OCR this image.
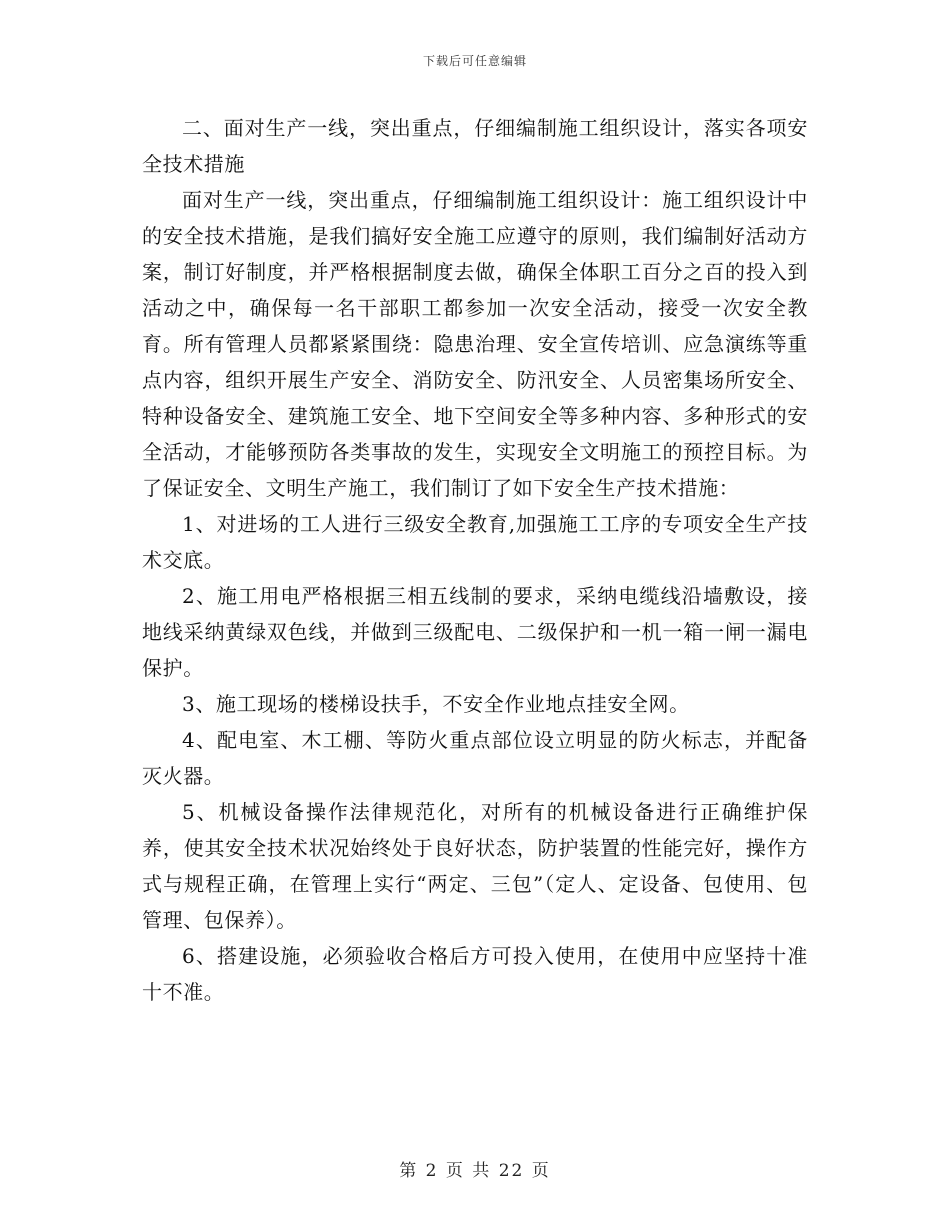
下载后可任意编辑

二、面对生产一线，突出重点，仔细编制施工组织设计，落实各项安全技术措施

面对生产一线，突出重点，仔细编制施工组织设计：施工组织设计中的安全技术措施，是我们搞好安全施工应遵守的原则，我们编制好活动方案，制订好制度，并严格根据制度去做，确保全体职工百分之百的投入到活动之中，确保每一名干部职工都参加一次安全活动，接受一次安全教育。所有管理人员都紧紧围绕：隐患治理、安全宣传培训、应急演练等重点内容，组织开展生产安全、消防安全、防汛安全、人员密集场所安全、特种设备安全、建筑施工安全、地下空间安全等多种内容、多种形式的安全活动，才能够预防各类事故的发生，实现安全文明施工的预控目标。为了保证安全、文明生产施工，我们制订了如下安全生产技术措施：

1、对进场的工人进行三级安全教育,加强施工工序的专项安全生产技术交底。

2、施工用电严格根据三相五线制的要求，采纳电缆线沿墙敷设，接地线采纳黄绿双色线，并做到三级配电、二级保护和一机一箱一闸一漏电保护。

3、施工现场的楼梯设扶手，不安全作业地点挂安全网。

4、配电室、木工棚、等防火重点部位设立明显的防火标志，并配备灭火器。

5、机械设备操作法律规范化，对所有的机械设备进行正确维护保养，使其安全技术状况始终处于良好状态，防护装置的性能完好，操作方式与规程正确，在管理上实行“两定、三包”（定人、定设备、包使用、包管理、包保养）。

6、搭建设施，必须验收合格后方可投入使用，在使用中应坚持十准十不准。

第 2 页 共 22 页
